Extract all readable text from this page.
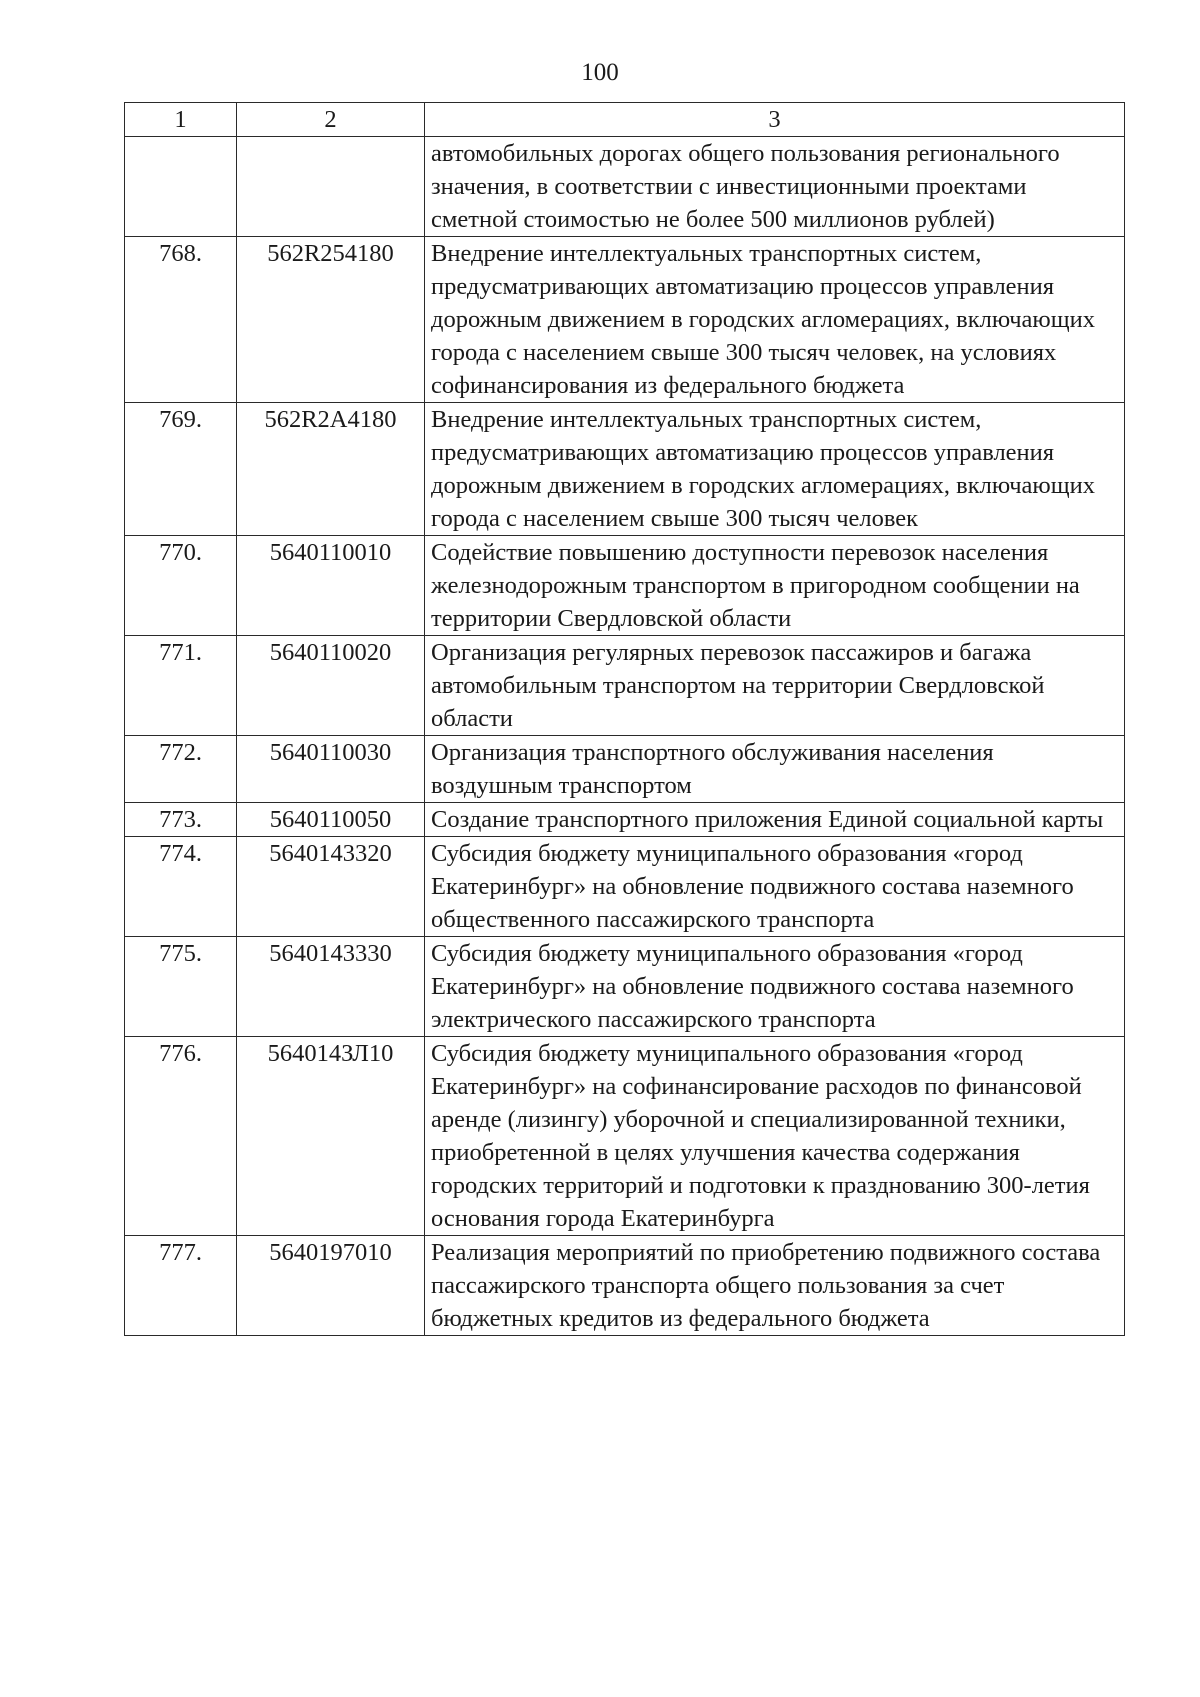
100
1	2	3
		автомобильных дорогах общего пользования регионального значения, в соответствии с инвестиционными проектами сметной стоимостью не более 500 миллионов рублей)
768.	562R254180	Внедрение интеллектуальных транспортных систем, предусматривающих автоматизацию процессов управления дорожным движением в городских агломерациях, включающих города с населением свыше 300 тысяч человек, на условиях софинансирования из федерального бюджета
769.	562R2A4180	Внедрение интеллектуальных транспортных систем, предусматривающих автоматизацию процессов управления дорожным движением в городских агломерациях, включающих города с населением свыше 300 тысяч человек
770.	5640110010	Содействие повышению доступности перевозок населения железнодорожным транспортом в пригородном сообщении на территории Свердловской области
771.	5640110020	Организация регулярных перевозок пассажиров и багажа автомобильным транспортом на территории Свердловской области
772.	5640110030	Организация транспортного обслуживания населения воздушным транспортом
773.	5640110050	Создание транспортного приложения Единой социальной карты
774.	5640143320	Субсидия бюджету муниципального образования «город Екатеринбург» на обновление подвижного состава наземного общественного пассажирского транспорта
775.	5640143330	Субсидия бюджету муниципального образования «город Екатеринбург» на обновление подвижного состава наземного электрического пассажирского транспорта
776.	564014ЗЛ10	Субсидия бюджету муниципального образования «город Екатеринбург» на софинансирование расходов по финансовой аренде (лизингу) уборочной и специализированной техники, приобретенной в целях улучшения качества содержания городских территорий и подготовки к празднованию 300-летия основания города Екатеринбурга
777.	5640197010	Реализация мероприятий по приобретению подвижного состава пассажирского транспорта общего пользования за счет бюджетных кредитов из федерального бюджета
